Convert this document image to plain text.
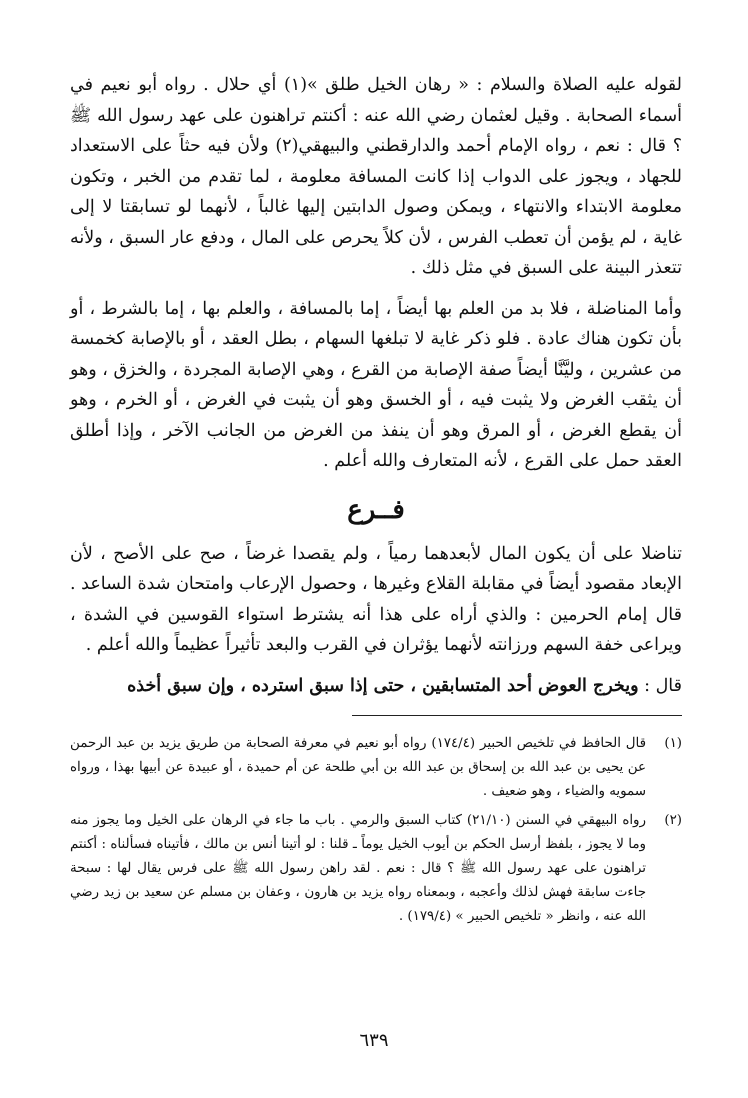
لقوله عليه الصلاة والسلام : « رهان الخيل طلق »(١) أي حلال . رواه أبو نعيم في أسماء الصحابة . وقيل لعثمان رضي الله عنه : أكنتم تراهنون على عهد رسول الله ﷺ ؟ قال : نعم ، رواه الإمام أحمد والدارقطني والبيهقي(٢) ولأن فيه حثاً على الاستعداد للجهاد ، ويجوز على الدواب إذا كانت المسافة معلومة ، لما تقدم من الخبر ، وتكون معلومة الابتداء والانتهاء ، ويمكن وصول الدابتين إليها غالباً ، لأنهما لو تسابقتا لا إلى غاية ، لم يؤمن أن تعطب الفرس ، لأن كلاً يحرص على المال ، ودفع عار السبق ، ولأنه تتعذر البينة على السبق في مثل ذلك .

وأما المناضلة ، فلا بد من العلم بها أيضاً ، إما بالمسافة ، والعلم بها ، إما بالشرط ، أو بأن تكون هناك عادة . فلو ذكر غاية لا تبلغها السهام ، بطل العقد ، أو بالإصابة كخمسة من عشرين ، وليَّنَّا أيضاً صفة الإصابة من القرع ، وهي الإصابة المجردة ، والخزق ، وهو أن يثقب الغرض ولا يثبت فيه ، أو الخسق وهو أن يثبت في الغرض ، أو الخرم ، وهو أن يقطع الغرض ، أو المرق وهو أن ينفذ من الغرض من الجانب الآخر ، وإذا أطلق العقد حمل على القرع ، لأنه المتعارف والله أعلم .

فــرع

تناضلا على أن يكون المال لأبعدهما رمياً ، ولم يقصدا غرضاً ، صح على الأصح ، لأن الإبعاد مقصود أيضاً في مقابلة القلاع وغيرها ، وحصول الإرعاب وامتحان شدة الساعد . قال إمام الحرمين : والذي أراه على هذا أنه يشترط استواء القوسين في الشدة ، ويراعى خفة السهم ورزانته لأنهما يؤثران في القرب والبعد تأثيراً عظيماً والله أعلم .

قال : ويخرج العوض أحد المتسابقين ، حتى إذا سبق استرده ، وإن سبق أخذه

(١)
قال الحافظ في تلخيص الحبير (١٧٤/٤) رواه أبو نعيم في معرفة الصحابة من طريق يزيد بن عبد الرحمن عن يحيى بن عبد الله بن إسحاق بن عبد الله بن أبي طلحة عن أم حميدة ، أو عبيدة عن أبيها بهذا ، ورواه سمويه والضياء ، وهو ضعيف .
(٢)
رواه البيهقي في السنن (٢١/١٠) كتاب السبق والرمي . باب ما جاء في الرهان على الخيل وما يجوز منه وما لا يجوز ، بلفظ أرسل الحكم بن أيوب الخيل يوماً ـ قلنا : لو أتينا أنس بن مالك ، فأتيناه فسألناه : أكنتم تراهنون على عهد رسول الله ﷺ ؟ قال : نعم . لقد راهن رسول الله ﷺ على فرس يقال لها : سبحة جاءت سابقة فهش لذلك وأعجبه ، وبمعناه رواه يزيد بن هارون ، وعفان بن مسلم عن سعيد بن زيد رضي الله عنه ، وانظر « تلخيص الحبير » (١٧٩/٤) .
٦٣٩
